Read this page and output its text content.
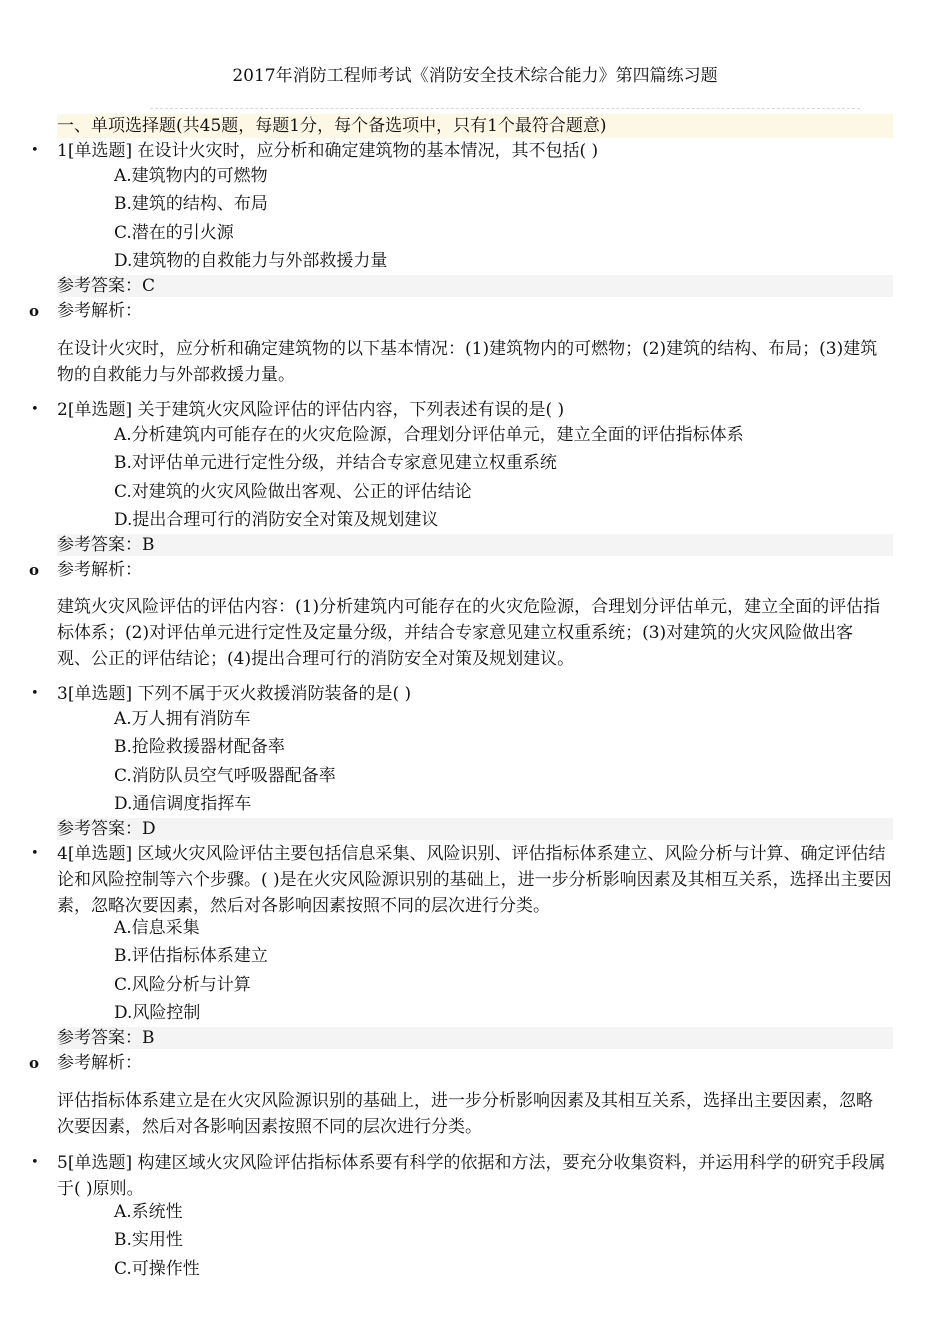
2017年消防工程师考试《消防安全技术综合能力》第四篇练习题
一、单项选择题(共45题，每题1分，每个备选项中，只有1个最符合题意)
• 1[单选题] 在设计火灾时，应分析和确定建筑物的基本情况，其不包括( )
A.建筑物内的可燃物
B.建筑的结构、布局
C.潜在的引火源
D.建筑物的自救能力与外部救援力量
参考答案：C
o 参考解析：
在设计火灾时，应分析和确定建筑物的以下基本情况：(1)建筑物内的可燃物；(2)建筑的结构、布局；(3)建筑物的自救能力与外部救援力量。
• 2[单选题] 关于建筑火灾风险评估的评估内容，下列表述有误的是( )
A.分析建筑内可能存在的火灾危险源，合理划分评估单元，建立全面的评估指标体系
B.对评估单元进行定性分级，并结合专家意见建立权重系统
C.对建筑的火灾风险做出客观、公正的评估结论
D.提出合理可行的消防安全对策及规划建议
参考答案：B
o 参考解析：
建筑火灾风险评估的评估内容：(1)分析建筑内可能存在的火灾危险源，合理划分评估单元，建立全面的评估指标体系；(2)对评估单元进行定性及定量分级，并结合专家意见建立权重系统；(3)对建筑的火灾风险做出客观、公正的评估结论；(4)提出合理可行的消防安全对策及规划建议。
• 3[单选题] 下列不属于灭火救援消防装备的是( )
A.万人拥有消防车
B.抢险救援器材配备率
C.消防队员空气呼吸器配备率
D.通信调度指挥车
参考答案：D
• 4[单选题] 区域火灾风险评估主要包括信息采集、风险识别、评估指标体系建立、风险分析与计算、确定评估结论和风险控制等六个步骤。( )是在火灾风险源识别的基础上，进一步分析影响因素及其相互关系，选择出主要因素，忽略次要因素，然后对各影响因素按照不同的层次进行分类。
A.信息采集
B.评估指标体系建立
C.风险分析与计算
D.风险控制
参考答案：B
o 参考解析：
评估指标体系建立是在火灾风险源识别的基础上，进一步分析影响因素及其相互关系，选择出主要因素，忽略次要因素，然后对各影响因素按照不同的层次进行分类。
• 5[单选题] 构建区域火灾风险评估指标体系要有科学的依据和方法，要充分收集资料，并运用科学的研究手段属于( )原则。
A.系统性
B.实用性
C.可操作性
